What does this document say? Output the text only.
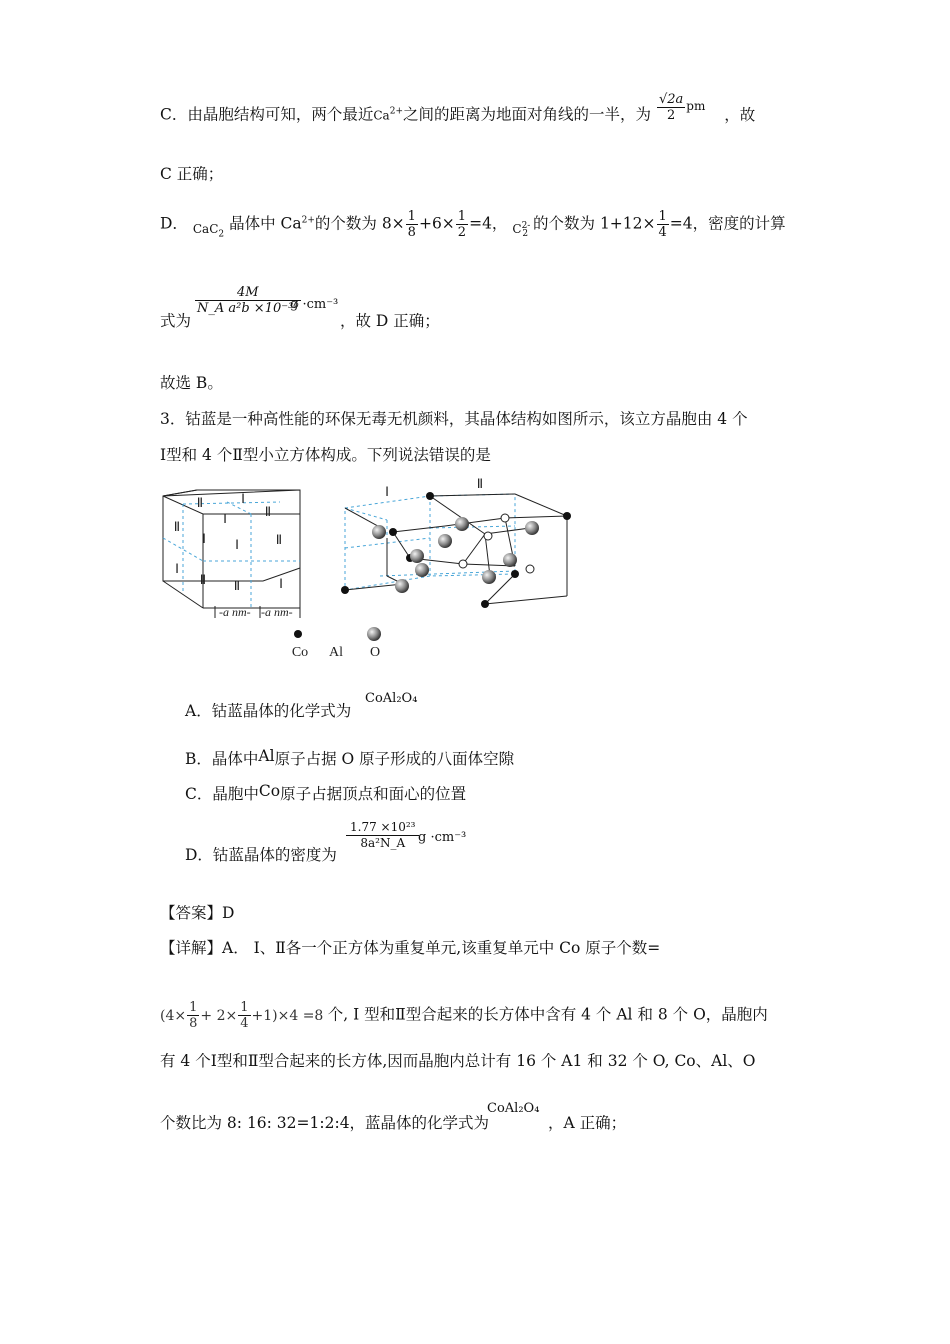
C．由晶胞结构可知，两个最近$Ca^{2+}$之间的距离为地面对角线的一半，为 $\frac{√2a}{2} ^{pm}$ ，故
C 正确；
D． $_{CaC_2}$ 晶体中 $Ca^{2+}$的个数为 $8\times \frac{1}{8} +6\times \frac{1}{2} =4$， $_{C^{2-}_2}$ 的个数为 $1+12\times \frac{1}{4} =4$，密度的计算
式为
$\frac{4M}{\text{N\_A a²b ×10⁻³⁰}}$
g ·cm⁻³
，故 D 正确；
故选 B。
3．钴蓝是一种高性能的环保无毒无机颜料，其晶体结构如图所示，该立方晶胞由 4 个
Ⅰ型和 4 个Ⅱ型小立方体构成。下列说法错误的是
Ⅱ	Ⅰ
Ⅰ	Ⅱ
Ⅱ
Ⅰ Ⅰ	Ⅱ
Ⅰ
Ⅱ Ⅱ	Ⅰ
-a nm- -a nm-
Ⅰ
Ⅱ
Co Al O
A．钴蓝晶体的化学式为
CoAl₂O₄
B．晶体中Al原子占据 O 原子形成的八面体空隙
C．晶胞中Co原子占据顶点和面心的位置
D．钴蓝晶体的密度为
$\frac{\text{1.77 ×10²³}}{\text{8a²N\_A}}$
g ·cm⁻³
【答案】D
【详解】A． Ⅰ、Ⅱ各一个正方体为重复单元,该重复单元中 Co 原子个数=
$(4\times \frac{1}{8} + 2\times \frac{1}{4} +1)\times 4 =8$ 个, I 型和Ⅱ型合起来的长方体中含有 4 个 Al 和 8 个 O，晶胞内
有 4 个Ⅰ型和Ⅱ型合起来的长方体,因而晶胞内总计有 16 个 A1 和 32 个 O, Co、Al、O
个数比为 8: 16: 32=1:2:4，蓝晶体的化学式为
CoAl₂O₄
，A 正确；
